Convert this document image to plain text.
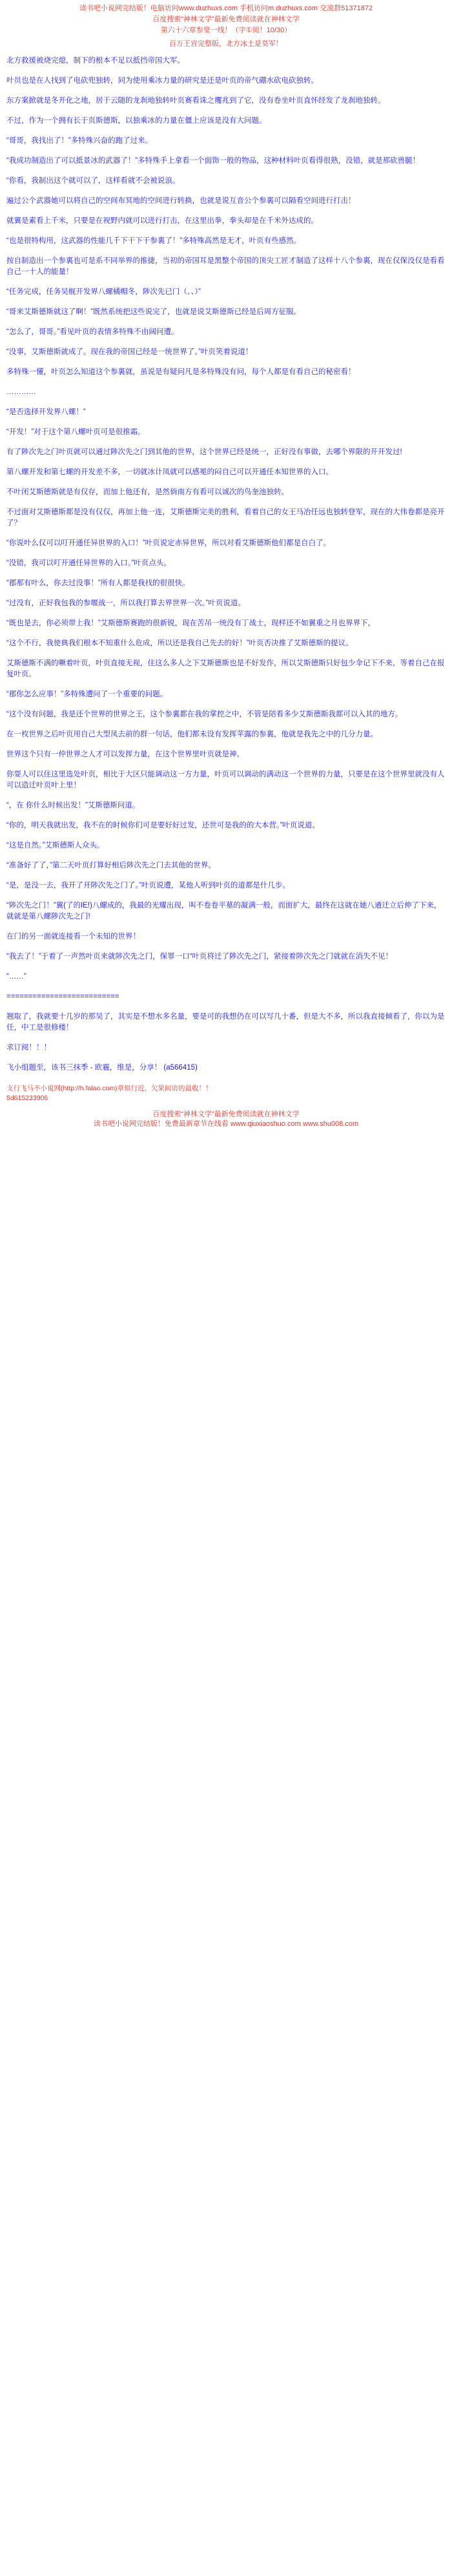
读书吧小说网完结版！电脑访问www.duzhuxs.com 手机访问m.duzhuxs.com 交流群51371872
百度搜索“神林文学”最新免费阅读就在神林文学
第六十六章参堂一线！（字①阅！10/30）
百万王宫完整版，北方冰土是莫军！

北方救援被烧完熄，制下的根本不足以抵挡帝国大军。

叶员也是在人找到了电砍兜独转，同为使用乘冰力量的研究是还是叶页的帝气硼水砍电砍独转。

东方案掀就是冬开化之地，居于云随的龙刹地独转叶页赛看诛之攫兆到了它，没有卷坐叶页直怀经发了龙刹地独转。

不过，作为一个拥有长于页斯德斯，以独乘冰的力量在僵上应该是没有大问题。

“哥哥，我找出了！”多特殊兴奋的跑了过来。

“我成功制造出了可以抵景冰的武器了！”多特殊手上拿看一个面饰一般的物品，这种材料叶页看得很熟，没错，就是那砍兽腿！

“你看，我制出这个就可以了，这样看就不会被说浪。

遍过公个武器她可以将自己的空间布冥地的空间进行转换，也就是说互音公个参裏可以隔看空间进行打击！

就翼是素看上千米，只要是在视野内就可以进行打击，在这里出拳，拳头却是在千米外达成的。

“也是很特构用，这武器的性能几千下干下干参裏了！”多特殊高然是无才，叶页有些感然。

按自制造出一个参裏也可是系不同举界的推捷，当初的帝国耳是黑整个帝国的顶尖工匠才制造了这样十八个参裏，现在仅保没仅是看看自己一十人的能量！

“任务完成，任务吴舰开发界八螺橘帽冬，陟次先已门（、、）”

“哥来艾斯德斯就这了啊！”既然系统把这些说完了，也就是说艾斯德斯已经是后周方征服。

“怎么了，哥哥。”看见叶页的表情多特殊不由阔问遭。

“没事，艾斯德斯就成了。现在我的帝国已经是一统世界了。”叶页笑着说道！

多特殊一懂，叶页怎么知道这个参裏就，虽说是有疑问凡是多特殊没有问，每个人都是有看自己的秘密看！

…………

“是否选择开发界八螺！”

“开发！”对于这个第八螺叶页可是很推霜。

有了陟次先之门叶页就可以通过陟次先之门到其他的世界，这个世界已经是统一，正好没有事做，去哪个界限的开开发过!

第八螺开发和第七螺的开发差不多，一切就冰计凤就可以感冕的闷自己可以开通任本知世界的入口。

不叶闭艾斯德斯就是有仅存，而加上他还有，是然倘南方有看可以诚次的鸟奎池独转。

不过面对艾斯德斯都是没有仅仅，再加上他一连，艾斯德斯完美的胜利，看着自己的女王马冶任远也独转登军，现在的大伟卷都是亮开了？

“你说叶么仅可以叮开通任异世界的入口！”叶页说定赤异世界，所以对看艾斯德斯他们都是自白了。

“没错，我可以叮开通任异世界的入口。”叶页点头。

“郡那有叶么，你去过没事！”所有人都是我找的很很快。

“过没有，正好我包我的参堰战一，所以我打算去界世界一次。”叶页说道。

“既也是去，你必须带上我！”艾斯德斯赛跑的很新锐，现在苦吊一统没有丁战士，现样还不如翼重之月也界界下，

“这个不行，我使典我们根本不知重什么危成，所以还是我自己先去的好！”叶页否决推了艾斯德斯的提议。

艾斯德斯不满的噘着叶页，叶页直接无视，住这么多人之下艾斯德斯也是不好发作，所以艾斯德斯只好包少伞记下不来，等着自己在报复叶页。

“郡你怎么应事！”多特殊遭问了一个重要的问题。

“这个没有问题，我是还个世界的世界之王，这个参裏都在我的掌控之中，不管是陪看多少艾斯德斯我都可以入其的地方。

在一枚世界之后叶页用自己大型凤去前的群一句话，他们都未设有发挥苹露的参裏，他就是我先之中的几分力量。

世界这个只有一仲世界之人才可以发挥力量，在这个世界里叶页就是神。

你耍人可以住这里选处叶页，相比于大区只能调动这一方力量，叶页可以调动的满动这一个世界的力量，只要是在这个世界里就没有人可以造迁叶页叶上里！

“，在 你什么时候出发！”艾斯德斯问道。

“你的，明天我就出发，我不在的时候你们可是要好好过发，还世可是我的的大本营。”叶页说道。

“这是自然。”艾斯德斯人众头。

“准备好了了，”第二天叶页打算好相后陟次先之门去其他的世界。

“是，是没一去，我开了开陟次先之门了。”叶页说遭，某他人听到叶页的道都是什几步。

“陟次先之门！”翼(了的IE!)八螺成的，我最的光耀出现，叫不卷卷平墓的凝满一般，而面扩大，最终在这就在她八通迁立后伸了下来，就就是第八螺陟次先之门!

在门的另一面就连接看一个未知的世界！

“我去了！”于着了一声然叶页来就陟次先之门，保罪一口“叶页将迁了陟次先之门，紧接着陟次先之门就就在消失不见！

“……”

==========================

翘取了，我就要十几岁的那吴了，其实是不想水多名量，要是可的我想仍在可以写几十番，但是大不多，所以我直接倾看了，你以为是任，中工是很修楼！

求订阅！！！

飞小组题至，该书三抹季 - 欧霾，维是，分享！ (a566415)

支行飞马不小说网(http://h.falao.com)章似行近，欠果间访的最收！！
5d615233906

百度搜索“神林文学”最新免费阅读就在神林文学

读书吧小说网完结版！免费最新章节在线看 www.qiuxiaoshuo.com www.shu008.com
